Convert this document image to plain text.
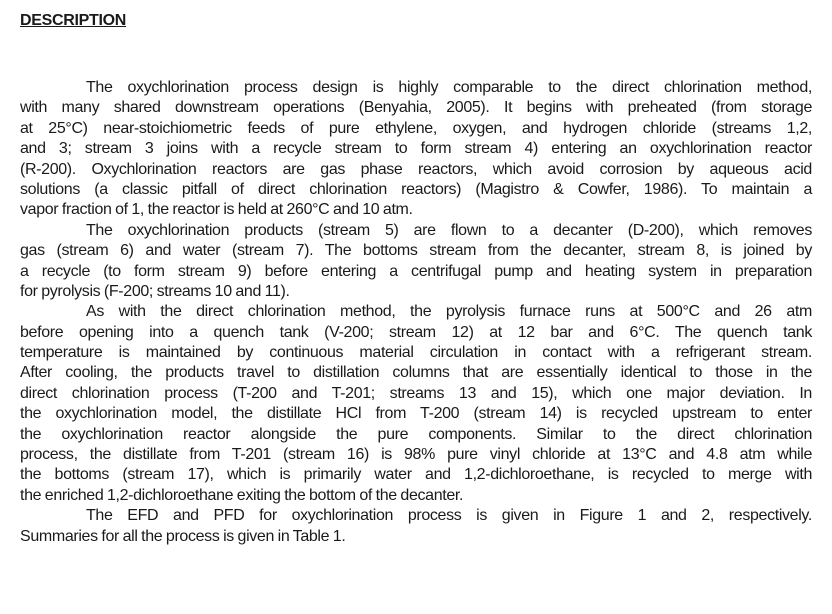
DESCRIPTION
The oxychlorination process design is highly comparable to the direct chlorination method,
with many shared downstream operations (Benyahia, 2005). It begins with preheated (from storage
at 25°C) near-stoichiometric feeds of pure ethylene, oxygen, and hydrogen chloride (streams 1,2,
and 3; stream 3 joins with a recycle stream to form stream 4) entering an oxychlorination reactor
(R-200). Oxychlorination reactors are gas phase reactors, which avoid corrosion by aqueous acid
solutions (a classic pitfall of direct chlorination reactors) (Magistro & Cowfer, 1986). To maintain a
vapor fraction of 1, the reactor is held at 260°C and 10 atm.
The oxychlorination products (stream 5) are flown to a decanter (D-200), which removes
gas (stream 6) and water (stream 7). The bottoms stream from the decanter, stream 8, is joined by
a recycle (to form stream 9) before entering a centrifugal pump and heating system in preparation
for pyrolysis (F-200; streams 10 and 11).
As with the direct chlorination method, the pyrolysis furnace runs at 500°C and 26 atm
before opening into a quench tank (V-200; stream 12) at 12 bar and 6°C. The quench tank
temperature is maintained by continuous material circulation in contact with a refrigerant stream.
After cooling, the products travel to distillation columns that are essentially identical to those in the
direct chlorination process (T-200 and T-201; streams 13 and 15), which one major deviation. In
the oxychlorination model, the distillate HCl from T-200 (stream 14) is recycled upstream to enter
the oxychlorination reactor alongside the pure components. Similar to the direct chlorination
process, the distillate from T-201 (stream 16) is 98% pure vinyl chloride at 13°C and 4.8 atm while
the bottoms (stream 17), which is primarily water and 1,2-dichloroethane, is recycled to merge with
the enriched 1,2-dichloroethane exiting the bottom of the decanter.
The EFD and PFD for oxychlorination process is given in Figure 1 and 2, respectively.
Summaries for all the process is given in Table 1.
